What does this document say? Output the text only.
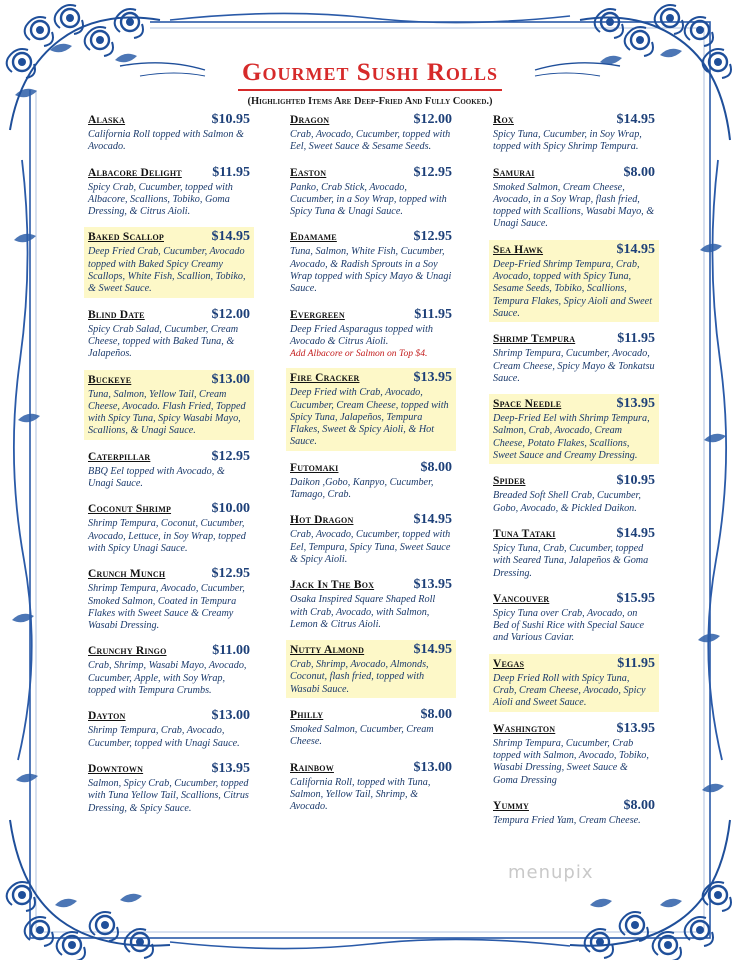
Gourmet Sushi Rolls
(Highlighted Items Are Deep-Fried And Fully Cooked.)
Alaska	$10.95
California Roll topped with Salmon & Avocado.
Albacore Delight $11.95
Spicy Crab, Cucumber, topped with Albacore, Scallions, Tobiko, Goma Dressing, & Citrus Aioli.
Baked Scallop	$14.95
Deep Fried Crab, Cucumber, Avocado topped with Baked Spicy Creamy Scallops, White Fish, Scallion, Tobiko, & Sweet Sauce.
Blind Date	$12.00
Spicy Crab Salad, Cucumber, Cream Cheese, topped with Baked Tuna, & Jalapeños.
Buckeye	$13.00
Tuna, Salmon, Yellow Tail, Cream Cheese, Avocado. Flash Fried, Topped with Spicy Tuna, Spicy Wasabi Mayo, Scallions, & Unagi Sauce.
Caterpillar	$12.95
BBQ Eel topped with Avocado, & Unagi Sauce.
Coconut Shrimp	$10.00
Shrimp Tempura, Coconut, Cucumber, Avocado, Lettuce, in Soy Wrap, topped with Spicy Unagi Sauce.
Crunch Munch	$12.95
Shrimp Tempura, Avocado, Cucumber, Smoked Salmon, Coated in Tempura Flakes with Sweet Sauce & Creamy Wasabi Dressing.
Crunchy Ringo	$11.00
Crab, Shrimp, Wasabi Mayo, Avocado, Cucumber, Apple, with Soy Wrap, topped with Tempura Crumbs.
Dayton	$13.00
Shrimp Tempura, Crab, Avocado, Cucumber, topped with Unagi Sauce.
Downtown	$13.95
Salmon, Spicy Crab, Cucumber, topped with Tuna Yellow Tail, Scallions, Citrus Dressing, & Spicy Sauce.
Dragon	$12.00
Crab, Avocado, Cucumber, topped with Eel, Sweet Sauce & Sesame Seeds.
Easton	$12.95
Panko, Crab Stick, Avocado, Cucumber, in a Soy Wrap, topped with Spicy Tuna & Unagi Sauce.
Edamame	$12.95
Tuna, Salmon, White Fish, Cucumber, Avocado, & Radish Sprouts in a Soy Wrap topped with Spicy Mayo & Unagi Sauce.
Evergreen	$11.95
Deep Fried Asparagus topped with Avocado & Citrus Aioli.
Add Albacore or Salmon on Top $4.
Fire Cracker	$13.95
Deep Fried with Crab, Avocado, Cucumber, Cream Cheese, topped with Spicy Tuna, Jalapeños, Tempura Flakes, Sweet & Spicy Aioli, & Hot Sauce.
Futomaki	$8.00
Daikon ,Gobo, Kanpyo, Cucumber, Tamago, Crab.
Hot Dragon	$14.95
Crab, Avocado, Cucumber, topped with Eel, Tempura, Spicy Tuna, Sweet Sauce & Spicy Aioli.
Jack In The Box	$13.95
Osaka Inspired Square Shaped Roll with Crab, Avocado, with Salmon, Lemon & Citrus Aioli.
Nutty Almond	$14.95
Crab, Shrimp, Avocado, Almonds, Coconut, flash fried, topped with Wasabi Sauce.
Philly	$8.00
Smoked Salmon, Cucumber, Cream Cheese.
Rainbow	$13.00
California Roll, topped with Tuna, Salmon, Yellow Tail, Shrimp, & Avocado.
Rox	$14.95
Spicy Tuna, Cucumber, in Soy Wrap, topped with Spicy Shrimp Tempura.
Samurai	$8.00
Smoked Salmon, Cream Cheese, Avocado, in a Soy Wrap, flash fried, topped with Scallions, Wasabi Mayo, & Unagi Sauce.
Sea Hawk	$14.95
Deep-Fried Shrimp Tempura, Crab, Avocado, topped with Spicy Tuna, Sesame Seeds, Tobiko, Scallions, Tempura Flakes, Spicy Aioli and Sweet Sauce.
Shrimp Tempura	$11.95
Shrimp Tempura, Cucumber, Avocado, Cream Cheese, Spicy Mayo & Tonkatsu Sauce.
Space Needle	$13.95
Deep-Fried Eel with Shrimp Tempura, Salmon, Crab, Avocado, Cream Cheese, Potato Flakes, Scallions, Sweet Sauce and Creamy Dressing.
Spider	$10.95
Breaded Soft Shell Crab, Cucumber, Gobo, Avocado, & Pickled Daikon.
Tuna Tataki	$14.95
Spicy Tuna, Crab, Cucumber, topped with Seared Tuna, Jalapeños & Goma Dressing.
Vancouver	$15.95
Spicy Tuna over Crab, Avocado, on Bed of Sushi Rice with Special Sauce and Various Caviar.
Vegas	$11.95
Deep Fried Roll with Spicy Tuna, Crab, Cream Cheese, Avocado, Spicy Aioli and Sweet Sauce.
Washington	$13.95
Shrimp Tempura, Cucumber, Crab topped with Salmon, Avocado, Tobiko, Wasabi Dressing, Sweet Sauce & Goma Dressing
Yummy	$8.00
Tempura Fried Yam, Cream Cheese.
menupix
